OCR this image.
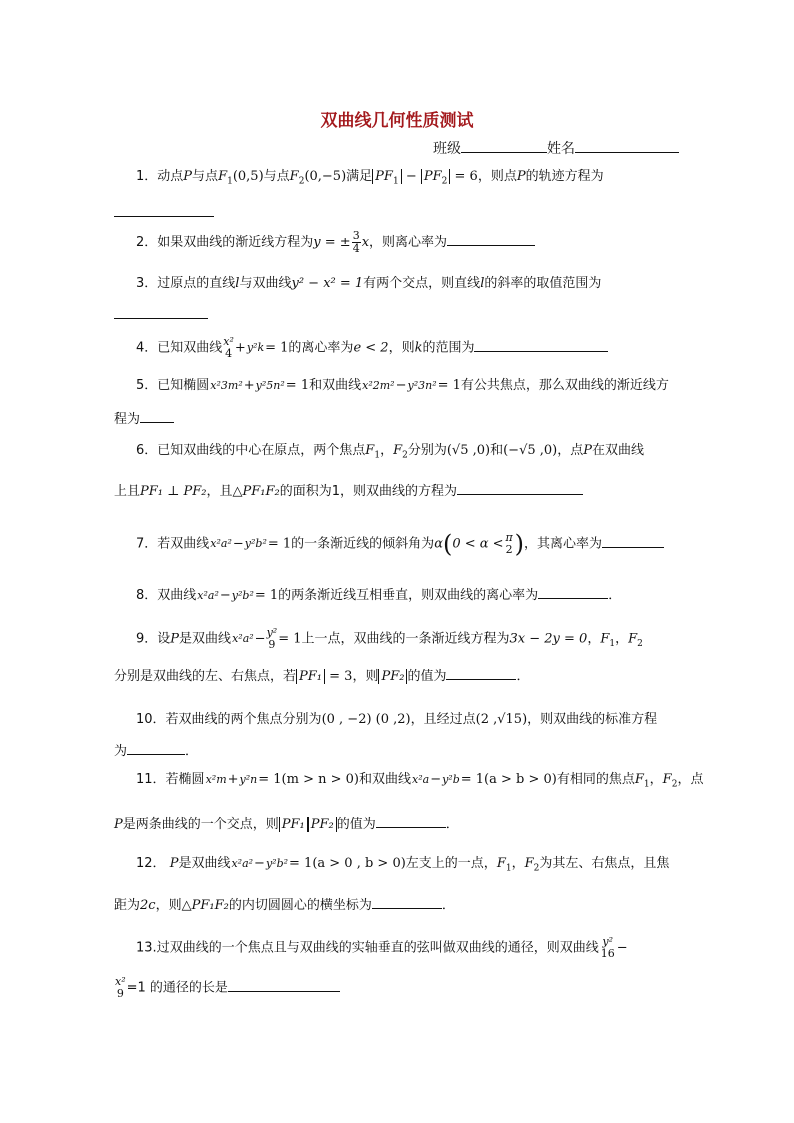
双曲线几何性质测试
班级	姓名
1．动点P与点$F_1(0,5)$与点$F_2(0,-5)$满足 $PF_1 - PF_2 = 6$，则点P的轨迹方程为
2．如果双曲线的渐近线方程为y = ± $\frac{3}{4}$ x，则离心率为
3．过原点的直线l与双曲线y² − x² = 1有两个交点，则直线l的斜率的取值范围为
4．已知双曲线x²
4 +y²k= 1的离心率为e < 2，则k的范围为
5．已知椭圆x²3m²+y²5n²= 1和双曲线x²2m²−y²3n²= 1有公共焦点，那么双曲线的渐近线方
程为
6．已知双曲线的中心在原点，两个焦点$F_1$，$F_2$分别为(√5 ,0)和(−√5 ,0)，点P在双曲线
上且PF₁ ⊥ PF₂，且△PF₁F₂的面积为1，则双曲线的方程为
7．若双曲线x²a²−y²b²= 1的一条渐近线的倾斜角为α(0 < α < π
2 )，其离心率为
8．双曲线x²a²−y²b²= 1的两条渐近线互相垂直，则双曲线的离心率为	．
9．设P是双曲线x²a²−y²
9 = 1上一点，双曲线的一条渐近线方程为3x − 2y = 0，$F_1$，$F_2$
分别是双曲线的左、右焦点，若 PF₁ = 3，则 PF₂ 的值为	．
10．若双曲线的两个焦点分别为(0 , −2) (0 ,2)，且经过点(2 ,√15)，则双曲线的标准方程
为	．
11．若椭圆x²m+y²n= 1(m > n > 0)和双曲线x²a−y²b= 1(a > b > 0)有相同的焦点$F_1$，$F_2$，点
P是两条曲线的一个交点，则 PF₁ PF₂ 的值为	．
12． P是双曲线x²a²−y²b²= 1(a > 0 , b > 0)左支上的一点，$F_1$，$F_2$为其左、右焦点，且焦
距为2c，则△PF₁F₂的内切圆圆心的横坐标为	．
13.过双曲线的一个焦点且与双曲线的实轴垂直的弦叫做双曲线的通径，则双曲线 y²
16 −
x²
9 =1 的通径的长是
